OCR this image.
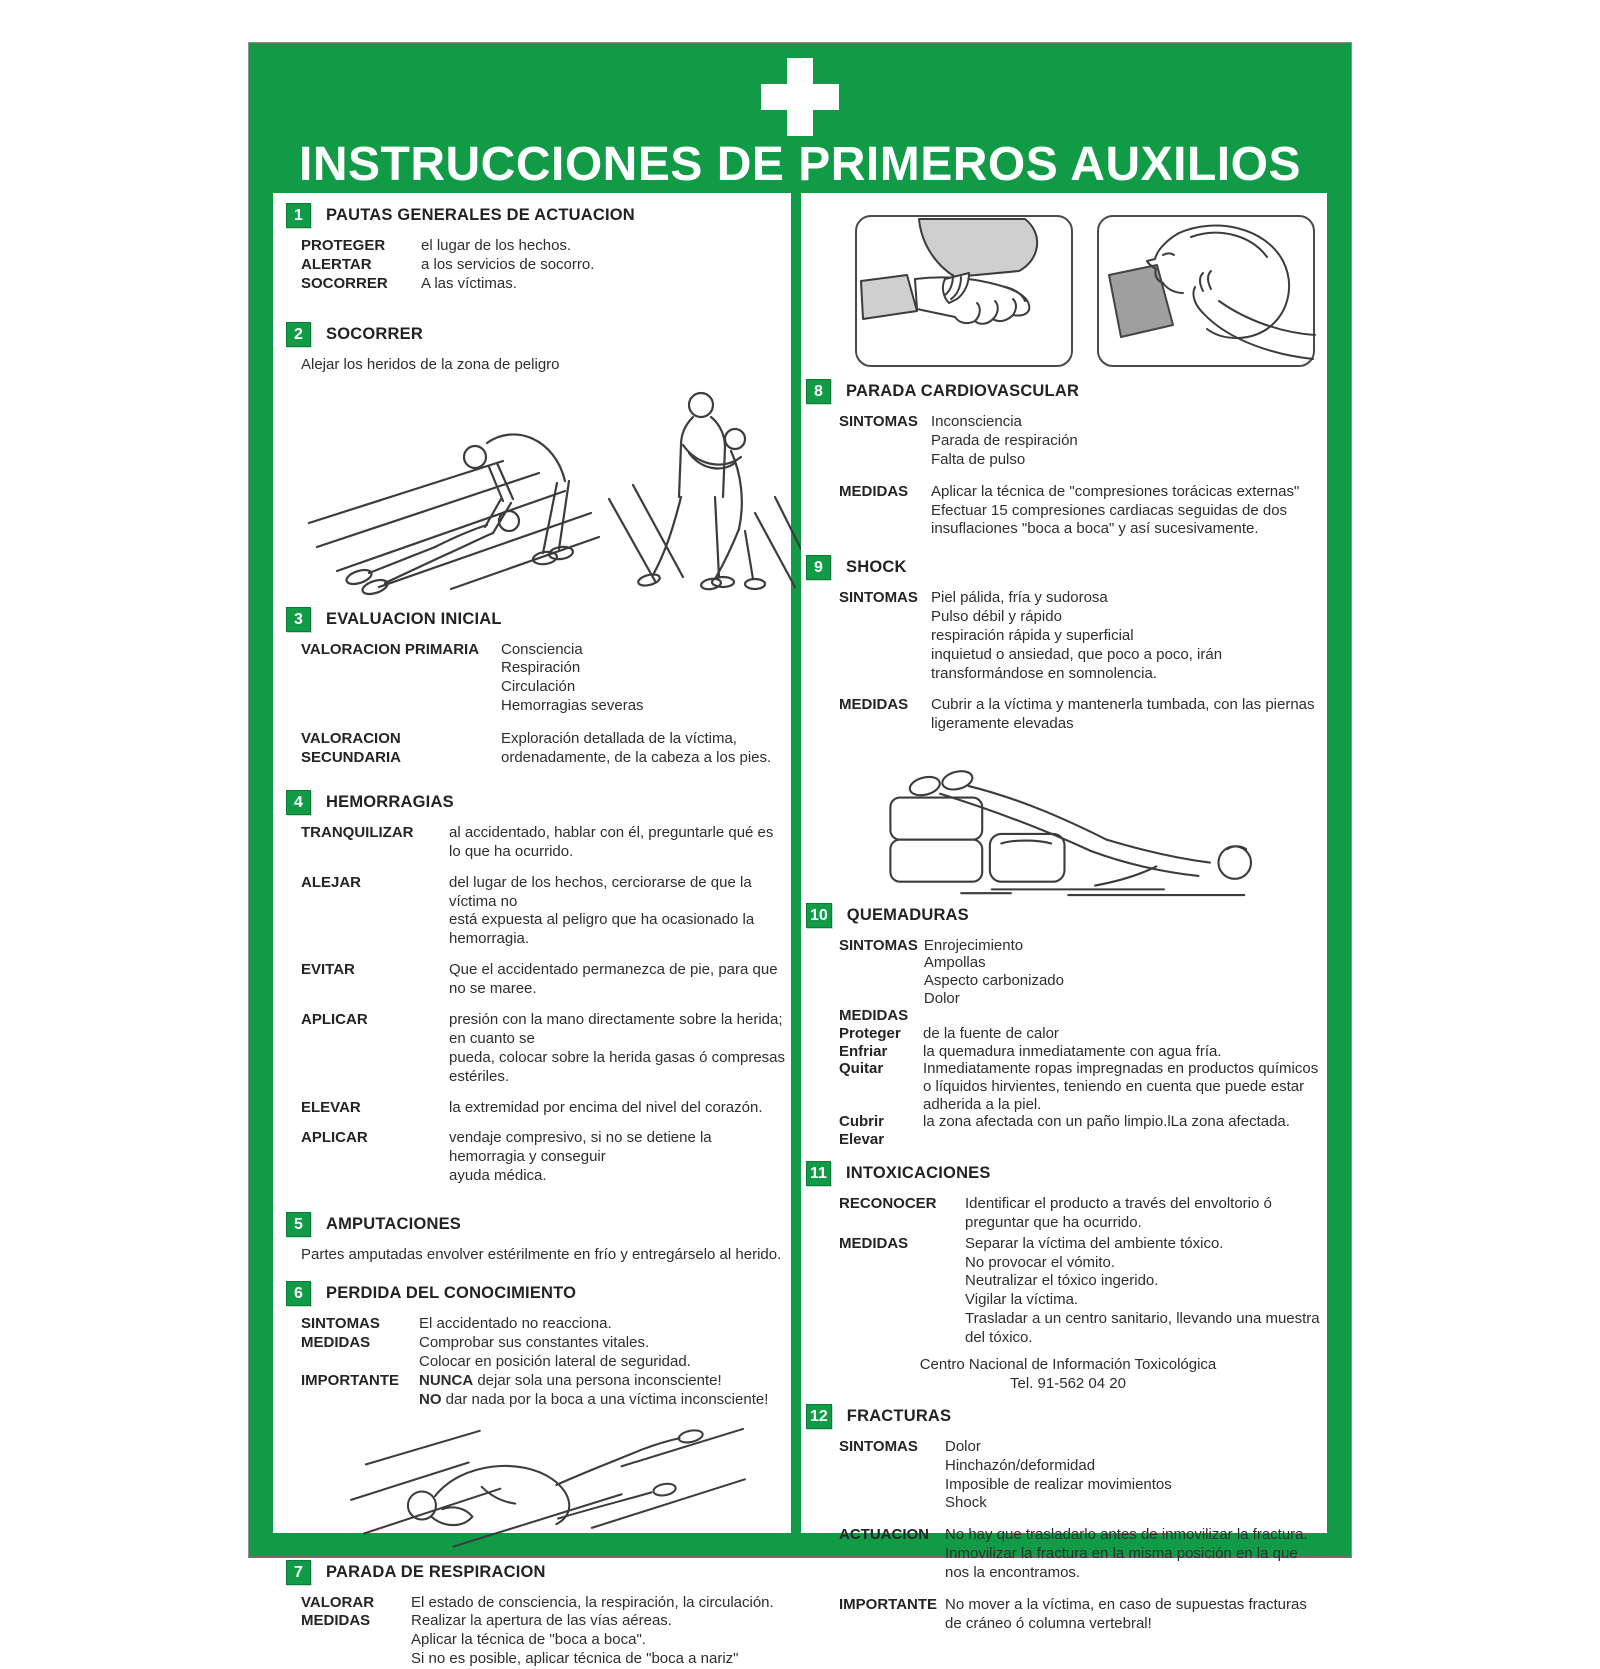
INSTRUCCIONES DE PRIMEROS AUXILIOS
1	PAUTAS GENERALES DE ACTUACION
PROTEGER	el lugar de los hechos.
ALERTAR	a los servicios de socorro.
SOCORRER	A las víctimas.
2	SOCORRER

Alejar los heridos de la zona de peligro

3	EVALUACION INICIAL
VALORACION PRIMARIA	Consciencia
Respiración
Circulación
Hemorragias severas
VALORACION SECUNDARIA
Exploración detallada de la víctima,
ordenadamente, de la cabeza a los pies.
4	HEMORRAGIAS
TRANQUILIZAR	al accidentado, hablar con él, preguntarle qué es
lo que ha ocurrido.
ALEJAR	del lugar de los hechos, cerciorarse de que la víctima no
está expuesta al peligro que ha ocasionado la hemorragia.
EVITAR	Que el accidentado permanezca de pie, para que no se maree.
APLICAR	presión con la mano directamente sobre la herida; en cuanto se
pueda, colocar sobre la herida gasas ó compresas estériles.
ELEVAR	la extremidad por encima del nivel del corazón.
APLICAR	vendaje compresivo, si no se detiene la hemorragia y conseguir
ayuda médica.
5	AMPUTACIONES

Partes amputadas envolver estérilmente en frío y entregárselo al herido.

6	PERDIDA DEL CONOCIMIENTO
SINTOMAS	El accidentado no reacciona.
MEDIDAS	Comprobar sus constantes vitales.
Colocar en posición lateral de seguridad.
IMPORTANTE	NUNCA dejar sola una persona inconsciente!
NO dar nada por la boca a una víctima inconsciente!
7	PARADA DE RESPIRACION
VALORAR	El estado de consciencia, la respiración, la circulación.
MEDIDAS	Realizar la apertura de las vías aéreas.
Aplicar la técnica de "boca a boca".
Si no es posible, aplicar técnica de "boca a nariz"
8	PARADA CARDIOVASCULAR
SINTOMAS Inconsciencia
Parada de respiración
Falta de pulso
MEDIDAS	Aplicar la técnica de "compresiones torácicas externas"
Efectuar 15 compresiones cardiacas seguidas de dos
insuflaciones "boca a boca" y así sucesivamente.
9	SHOCK
SINTOMAS Piel pálida, fría y sudorosa
Pulso débil y rápido
respiración rápida y superficial
inquietud o ansiedad, que poco a poco, irán
transformándose en somnolencia.
MEDIDAS	Cubrir a la víctima y mantenerla tumbada, con las piernas
ligeramente elevadas
10 QUEMADURAS
SINTOMAS Enrojecimiento
Ampollas
Aspecto carbonizado
Dolor
MEDIDAS
Proteger	de la fuente de calor
Enfriar	la quemadura inmediatamente con agua fría.
Quitar	Inmediatamente ropas impregnadas en productos químicos
o líquidos hirvientes, teniendo en cuenta que puede estar
adherida a la piel.
Cubrir	la zona afectada con un paño limpio.lLa zona afectada.
Elevar
11 INTOXICACIONES
RECONOCER	Identificar el producto a través del envoltorio ó
preguntar que ha ocurrido.
MEDIDAS	Separar la víctima del ambiente tóxico.
No provocar el vómito.
Neutralizar el tóxico ingerido.
Vigilar la víctima.
Trasladar a un centro sanitario, llevando una muestra
del tóxico.

Centro Nacional de Información Toxicológica
Tel. 91-562 04 20

12 FRACTURAS
SINTOMAS	Dolor
Hinchazón/deformidad
Imposible de realizar movimientos
Shock
ACTUACION	No hay que trasladarlo antes de inmovilizar la fractura.
Inmovilizar la fractura en la misma posición en la que
nos la encontramos.
IMPORTANTE No mover a la víctima, en caso de supuestas fracturas
de cráneo ó columna vertebral!
